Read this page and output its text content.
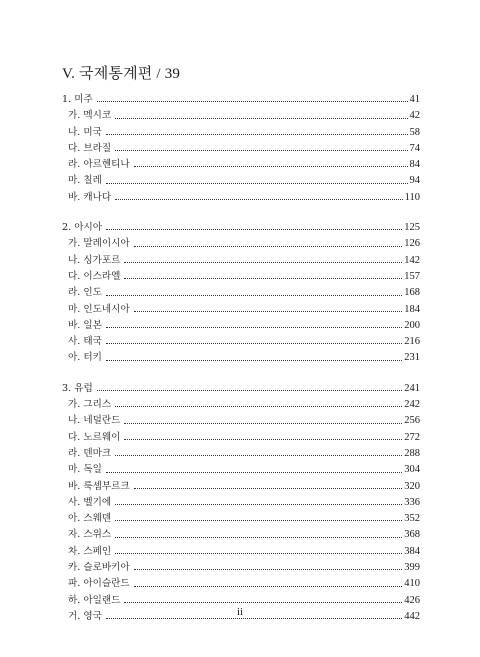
V. 국제통계편 / 39
1. 미주	41
가. 멕시코	42
나. 미국	58
다. 브라질	74
라. 아르헨티나	84
마. 칠레	94
바. 캐나다	110
2. 아시아	125
가. 말레이시아	126
나. 싱가포르	142
다. 이스라엘	157
라. 인도	168
마. 인도네시아	184
바. 일본	200
사. 태국	216
아. 터키	231
3. 유럽	241
가. 그리스	242
나. 네덜란드	256
다. 노르웨이	272
라. 덴마크	288
마. 독일	304
바. 룩셈부르크	320
사. 벨기에	336
아. 스웨덴	352
자. 스위스	368
차. 스페인	384
카. 슬로바키아	399
파. 아이슬란드	410
하. 아일랜드	426
거. 영국	442
ii
